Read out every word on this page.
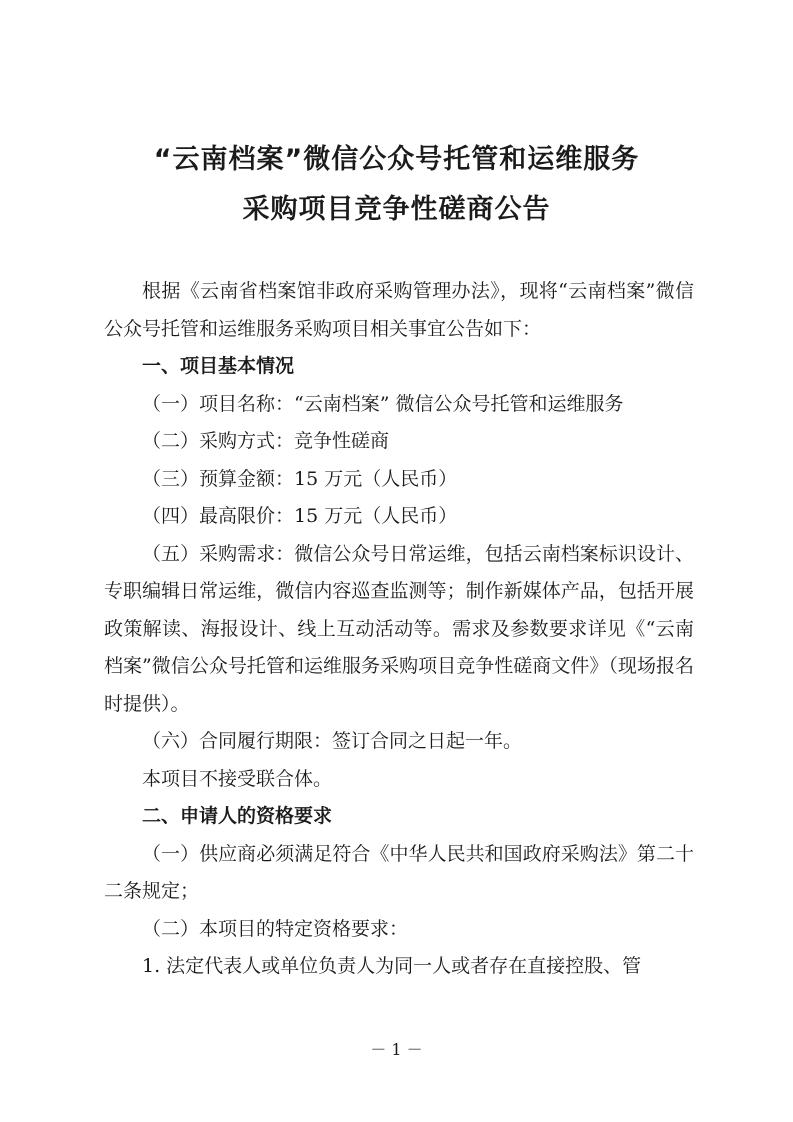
“云南档案”微信公众号托管和运维服务
采购项目竞争性磋商公告

根据《云南省档案馆非政府采购管理办法》，现将“云南档案”微信公众号托管和运维服务采购项目相关事宜公告如下：

一、项目基本情况

（一）项目名称：“云南档案” 微信公众号托管和运维服务

（二）采购方式：竞争性磋商

（三）预算金额：15 万元（人民币）

（四）最高限价：15 万元（人民币）

（五）采购需求：微信公众号日常运维，包括云南档案标识设计、专职编辑日常运维，微信内容巡查监测等；制作新媒体产品，包括开展政策解读、海报设计、线上互动活动等。需求及参数要求详见《“云南档案”微信公众号托管和运维服务采购项目竞争性磋商文件》（现场报名时提供）。

（六）合同履行期限：签订合同之日起一年。

本项目不接受联合体。

二、申请人的资格要求

（一）供应商必须满足符合《中华人民共和国政府采购法》第二十二条规定；

（二）本项目的特定资格要求：

1. 法定代表人或单位负责人为同一人或者存在直接控股、管

－ 1 －
